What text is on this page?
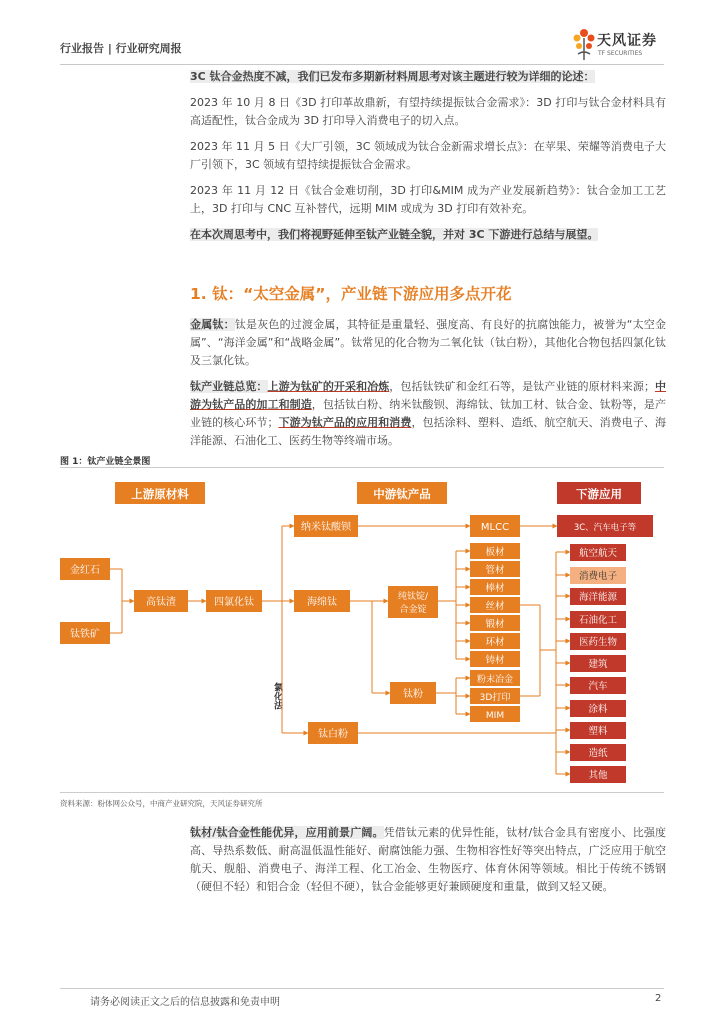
行业报告 | 行业研究周报	天风证券
TF SECURITIES

3C 钛合金热度不减，我们已发布多期新材料周思考对该主题进行较为详细的论述：

2023 年 10 月 8 日《3D 打印革故鼎新，有望持续提振钛合金需求》：3D 打印与钛合金材料具有高适配性，钛合金成为 3D 打印导入消费电子的切入点。

2023 年 11 月 5 日《大厂引领，3C 领域成为钛合金新需求增长点》：在苹果、荣耀等消费电子大厂引领下，3C 领域有望持续提振钛合金需求。

2023 年 11 月 12 日《钛合金难切削，3D 打印&MIM 成为产业发展新趋势》：钛合金加工工艺上，3D 打印与 CNC 互补替代，远期 MIM 或成为 3D 打印有效补充。

在本次周思考中，我们将视野延伸至钛产业链全貌，并对 3C 下游进行总结与展望。

1. 钛：“太空金属”，产业链下游应用多点开花

金属钛：钛是灰色的过渡金属，其特征是重量轻、强度高、有良好的抗腐蚀能力，被誉为“太空金属”、“海洋金属”和“战略金属”。钛常见的化合物为二氧化钛（钛白粉），其他化合物包括四氯化钛及三氯化钛。

钛产业链总览：上游为钛矿的开采和冶炼，包括钛铁矿和金红石等，是钛产业链的原材料来源；中游为钛产品的加工和制造，包括钛白粉、纳米钛酸钡、海绵钛、钛加工材、钛合金、钛粉等，是产业链的核心环节；下游为钛产品的应用和消费，包括涂料、塑料、造纸、航空航天、消费电子、海洋能源、石油化工、医药生物等终端市场。

图 1：钛产业链全景图
上游原材料	中游钛产品	下游应用
金红石
钛铁矿
高钛渣	四氯化钛
氯化法
纳米钛酸钡
海绵钛
钛白粉
纯钛锭/
合金锭
纯钛锭/合金锭
钛粉
MLCC	3C、汽车电子等
板材
管材
棒材
丝材
锻材
环材
铸材
粉末冶金
3D打印
MIM
航空航天
消费电子
海洋能源
石油化工
医药生物
建筑
汽车
涂料
塑料
造纸
其他
资料来源：粉体网公众号，中商产业研究院，天风证券研究所

钛材/钛合金性能优异，应用前景广阔。凭借钛元素的优异性能，钛材/钛合金具有密度小、比强度高、导热系数低、耐高温低温性能好、耐腐蚀能力强、生物相容性好等突出特点，广泛应用于航空航天、舰船、消费电子、海洋工程、化工冶金、生物医疗、体育休闲等领域。相比于传统不锈钢（硬但不轻）和铝合金（轻但不硬），钛合金能够更好兼顾硬度和重量，做到又轻又硬。

请务必阅读正文之后的信息披露和免责申明	2
